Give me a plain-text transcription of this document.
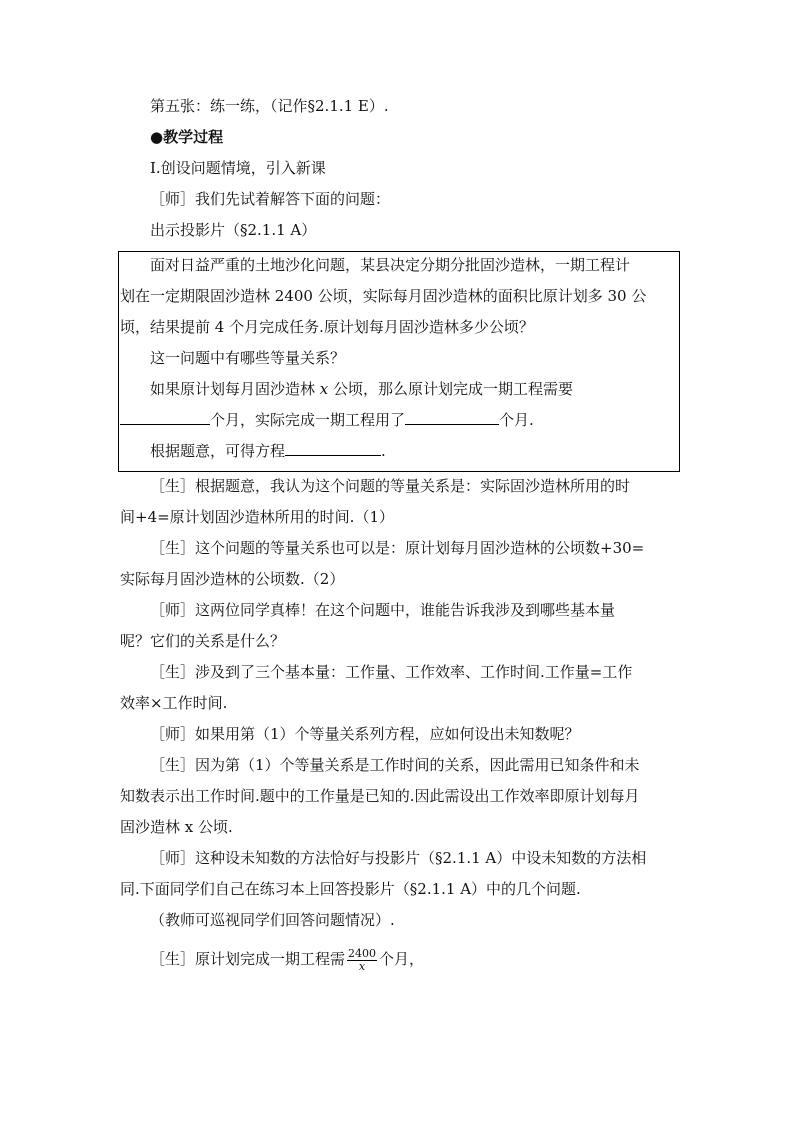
第五张：练一练，（记作§2.1.1 E）.
●教学过程
Ⅰ.创设问题情境，引入新课
［师］我们先试着解答下面的问题：
出示投影片（§2.1.1 A）
面对日益严重的土地沙化问题，某县决定分期分批固沙造林，一期工程计
划在一定期限固沙造林 2400 公顷，实际每月固沙造林的面积比原计划多 30 公
顷，结果提前 4 个月完成任务.原计划每月固沙造林多少公顷？
这一问题中有哪些等量关系？
如果原计划每月固沙造林 x 公顷，那么原计划完成一期工程需要
个月，实际完成一期工程用了	个月.
根据题意，可得方程	.
［生］根据题意，我认为这个问题的等量关系是：实际固沙造林所用的时
间+4=原计划固沙造林所用的时间.（1）
［生］这个问题的等量关系也可以是：原计划每月固沙造林的公顷数+30=
实际每月固沙造林的公顷数.（2）
［师］这两位同学真棒！在这个问题中，谁能告诉我涉及到哪些基本量
呢？它们的关系是什么？
［生］涉及到了三个基本量：工作量、工作效率、工作时间.工作量=工作
效率×工作时间.
［师］如果用第（1）个等量关系列方程，应如何设出未知数呢？
［生］因为第（1）个等量关系是工作时间的关系，因此需用已知条件和未
知数表示出工作时间.题中的工作量是已知的.因此需设出工作效率即原计划每月
固沙造林 x 公顷.
［师］这种设未知数的方法恰好与投影片（§2.1.1 A）中设未知数的方法相
同.下面同学们自己在练习本上回答投影片（§2.1.1 A）中的几个问题.
（教师可巡视同学们回答问题情况）.
［生］原计划完成一期工程需 $\frac{2400}{x}$ 个月，
